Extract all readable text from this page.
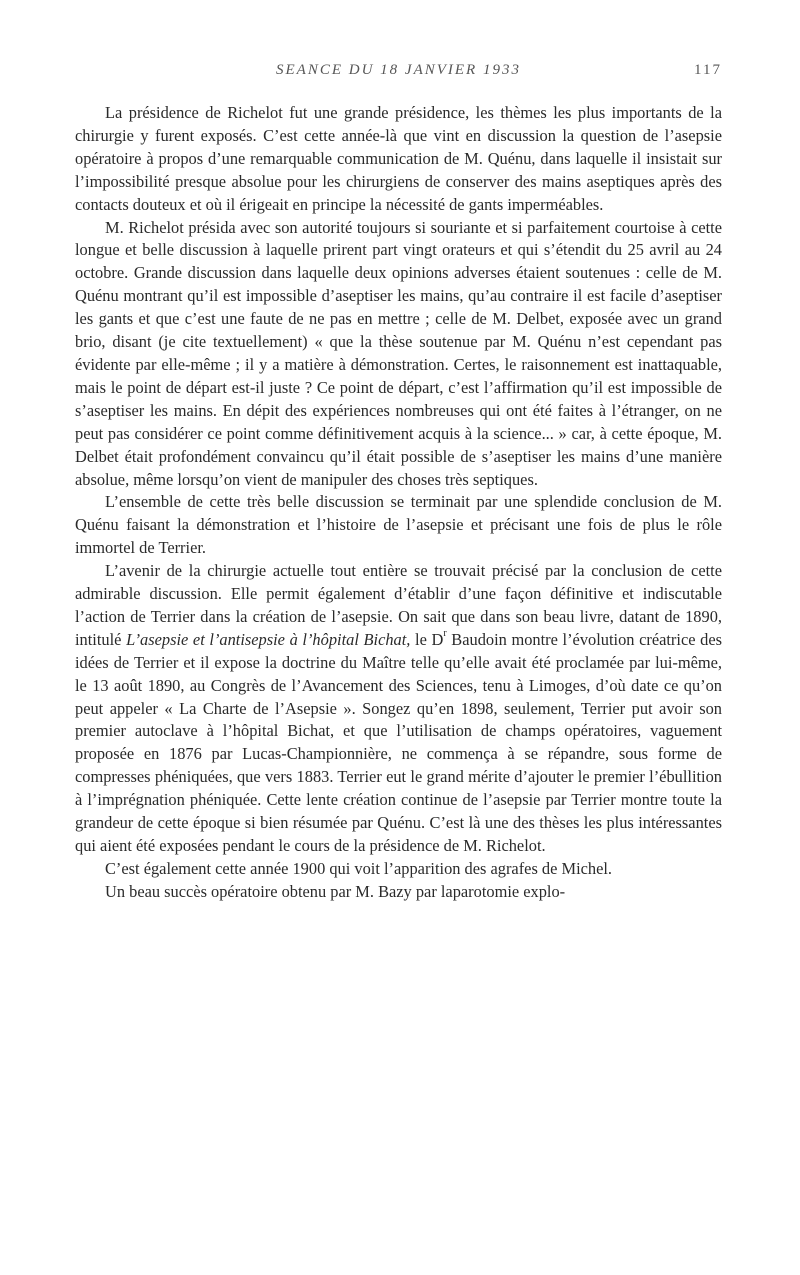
SEANCE DU 18 JANVIER 1933	117

La présidence de Richelot fut une grande présidence, les thèmes les plus importants de la chirurgie y furent exposés. C’est cette année-là que vint en discussion la question de l’asepsie opératoire à propos d’une remarquable communication de M. Quénu, dans laquelle il insistait sur l’impossibilité presque absolue pour les chirurgiens de conserver des mains aseptiques après des contacts douteux et où il érigeait en principe la nécessité de gants imperméables.

M. Richelot présida avec son autorité toujours si souriante et si parfaitement courtoise à cette longue et belle discussion à laquelle prirent part vingt orateurs et qui s’étendit du 25 avril au 24 octobre. Grande discussion dans laquelle deux opinions adverses étaient soutenues : celle de M. Quénu montrant qu’il est impossible d’aseptiser les mains, qu’au contraire il est facile d’aseptiser les gants et que c’est une faute de ne pas en mettre ; celle de M. Delbet, exposée avec un grand brio, disant (je cite textuellement) « que la thèse soutenue par M. Quénu n’est cependant pas évidente par elle-même ; il y a matière à démonstration. Certes, le raisonnement est inattaquable, mais le point de départ est-il juste ? Ce point de départ, c’est l’affirmation qu’il est impossible de s’aseptiser les mains. En dépit des expériences nombreuses qui ont été faites à l’étranger, on ne peut pas considérer ce point comme définitivement acquis à la science... » car, à cette époque, M. Delbet était profondément convaincu qu’il était possible de s’aseptiser les mains d’une manière absolue, même lorsqu’on vient de manipuler des choses très septiques.

L’ensemble de cette très belle discussion se terminait par une splendide conclusion de M. Quénu faisant la démonstration et l’histoire de l’asepsie et précisant une fois de plus le rôle immortel de Terrier.

L’avenir de la chirurgie actuelle tout entière se trouvait précisé par la conclusion de cette admirable discussion. Elle permit également d’établir d’une façon définitive et indiscutable l’action de Terrier dans la création de l’asepsie. On sait que dans son beau livre, datant de 1890, intitulé L’asepsie et l’antisepsie à l’hôpital Bichat, le $D^r$ Baudoin montre l’évolution créatrice des idées de Terrier et il expose la doctrine du Maître telle qu’elle avait été proclamée par lui-même, le 13 août 1890, au Congrès de l’Avancement des Sciences, tenu à Limoges, d’où date ce qu’on peut appeler « La Charte de l’Asepsie ». Songez qu’en 1898, seulement, Terrier put avoir son premier autoclave à l’hôpital Bichat, et que l’utilisation de champs opératoires, vaguement proposée en 1876 par Lucas-Championnière, ne commença à se répandre, sous forme de compresses phéniquées, que vers 1883. Terrier eut le grand mérite d’ajouter le premier l’ébullition à l’imprégnation phéniquée. Cette lente création continue de l’asepsie par Terrier montre toute la grandeur de cette époque si bien résumée par Quénu. C’est là une des thèses les plus intéressantes qui aient été exposées pendant le cours de la présidence de M. Richelot.

C’est également cette année 1900 qui voit l’apparition des agrafes de Michel.

Un beau succès opératoire obtenu par M. Bazy par laparotomie explo-
